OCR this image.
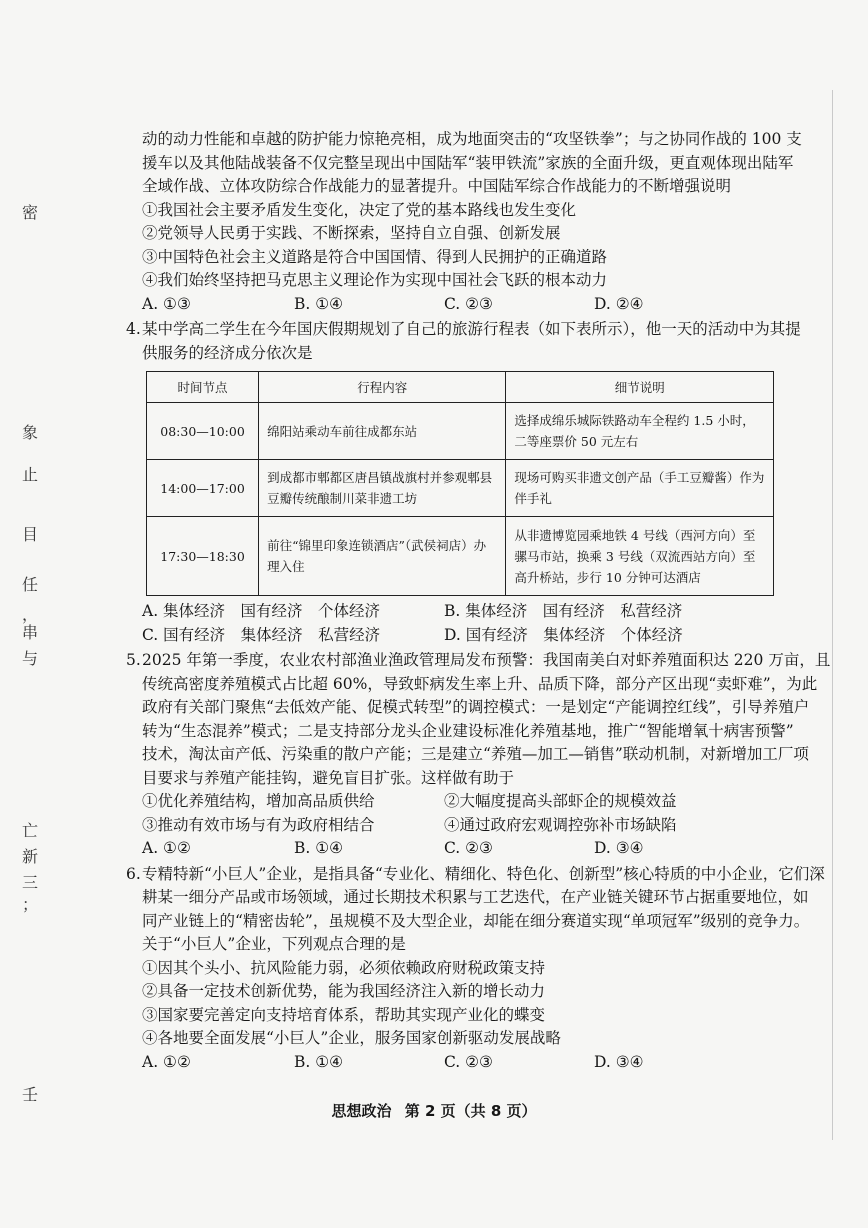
密
象
止
目
任
，
串
与
亡
新
三
；
壬
动的动力性能和卓越的防护能力惊艳亮相，成为地面突击的“攻坚铁拳”；与之协同作战的 100 支
援车以及其他陆战装备不仅完整呈现出中国陆军“装甲铁流”家族的全面升级，更直观体现出陆军
全域作战、立体攻防综合作战能力的显著提升。中国陆军综合作战能力的不断增强说明
①我国社会主要矛盾发生变化，决定了党的基本路线也发生变化
②党领导人民勇于实践、不断探索，坚持自立自强、创新发展
③中国特色社会主义道路是符合中国国情、得到人民拥护的正确道路
④我们始终坚持把马克思主义理论作为实现中国社会飞跃的根本动力
A. ①③	B. ①④	C. ②③	D. ②④
4. 某中学高二学生在今年国庆假期规划了自己的旅游行程表（如下表所示），他一天的活动中为其提
供服务的经济成分依次是
时间节点	行程内容	细节说明
08:30—10:00	绵阳站乘动车前往成都东站	选择成绵乐城际铁路动车全程约 1.5 小时，二等座票价 50 元左右
14:00—17:00	到成都市郫都区唐昌镇战旗村并参观郫县豆瓣传统酿制川菜非遗工坊	现场可购买非遗文创产品（手工豆瓣酱）作为伴手礼
17:30—18:30	前往“锦里印象连锁酒店”（武侯祠店）办理入住	从非遗博览园乘地铁 4 号线（西河方向）至骡马市站，换乘 3 号线（双流西站方向）至高升桥站，步行 10 分钟可达酒店
A. 集体经济　国有经济　个体经济	B. 集体经济　国有经济　私营经济
C. 国有经济　集体经济　私营经济	D. 国有经济　集体经济　个体经济
5. 2025 年第一季度，农业农村部渔业渔政管理局发布预警：我国南美白对虾养殖面积达 220 万亩，且
传统高密度养殖模式占比超 60%，导致虾病发生率上升、品质下降，部分产区出现“卖虾难”，为此
政府有关部门聚焦“去低效产能、促模式转型”的调控模式：一是划定“产能调控红线”，引导养殖户
转为“生态混养”模式；二是支持部分龙头企业建设标准化养殖基地，推广“智能增氧十病害预警”
技术，淘汰亩产低、污染重的散户产能；三是建立“养殖—加工—销售”联动机制，对新增加工厂项
目要求与养殖产能挂钩，避免盲目扩张。这样做有助于
①优化养殖结构，增加高品质供给	②大幅度提高头部虾企的规模效益
③推动有效市场与有为政府相结合	④通过政府宏观调控弥补市场缺陷
A. ①②	B. ①④	C. ②③	D. ③④
6. 专精特新“小巨人”企业，是指具备“专业化、精细化、特色化、创新型”核心特质的中小企业，它们深
耕某一细分产品或市场领域，通过长期技术积累与工艺迭代，在产业链关键环节占据重要地位，如
同产业链上的“精密齿轮”，虽规模不及大型企业，却能在细分赛道实现“单项冠军”级别的竞争力。
关于“小巨人”企业，下列观点合理的是
①因其个头小、抗风险能力弱，必须依赖政府财税政策支持
②具备一定技术创新优势，能为我国经济注入新的增长动力
③国家要完善定向支持培育体系，帮助其实现产业化的蝶变
④各地要全面发展“小巨人”企业，服务国家创新驱动发展战略
A. ①②	B. ①④	C. ②③	D. ③④
思想政治 第 2 页（共 8 页）
